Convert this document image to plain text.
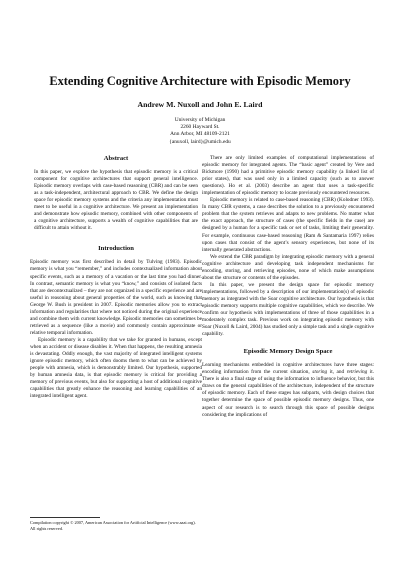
Extending Cognitive Architecture with Episodic Memory
Andrew M. Nuxoll and John E. Laird
University of Michigan
2260 Hayward St.
Ann Arbor, MI 48109-2121
{anuxoll, laird}@umich.edu

Abstract

In this paper, we explore the hypothesis that episodic memory is a critical component for cognitive architectures that support general intelligence. Episodic memory overlaps with case-based reasoning (CBR) and can be seen as a task-independent, architectural approach to CBR. We define the design space for episodic memory systems and the criteria any implementation must meet to be useful in a cognitive architecture. We present an implementation and demonstrate how episodic memory, combined with other components of a cognitive architecture, supports a wealth of cognitive capabilities that are difficult to attain without it.

Introduction

Episodic memory was first described in detail by Tulving (1983). Episodic memory is what you “remember,” and includes contextualized information about specific events, such as a memory of a vacation or the last time you had dinner. In contrast, semantic memory is what you “know,” and consists of isolated facts that are decontextualized – they are not organized in a specific experience and are useful in reasoning about general properties of the world, such as knowing that George W. Bush is president in 2007. Episodic memories allow you to extract information and regularities that where not noticed during the original experience and combine them with current knowledge. Episodic memories can sometimes be retrieved as a sequence (like a movie) and commonly contain approximate or relative temporal information.

Episodic memory is a capability that we take for granted in humans, except when an accident or disease disables it. When that happens, the resulting amnesia is devastating. Oddly enough, the vast majority of integrated intelligent systems ignore episodic memory, which often dooms them to what can be achieved by people with amnesia, which is demonstrably limited. Our hypothesis, supported by human amnesia data, is that episodic memory is critical for providing a memory of previous events, but also for supporting a host of additional cognitive capabilities that greatly enhance the reasoning and learning capabilities of an integrated intelligent agent.

There are only limited examples of computational implementations of episodic memory for integrated agents. The “basic agent” created by Vere and Bickmore (1990) had a primitive episodic memory capability (a linked list of prior states), that was used only in a limited capacity (such as to answer questions). Ho et al. (2003) describe an agent that uses a task-specific implementation of episodic memory to locate previously encountered resources.

Episodic memory is related to case-based reasoning (CBR) (Kolodner 1993). In many CBR systems, a case describes the solution to a previously encountered problem that the system retrieves and adapts to new problems. No matter what the exact approach, the structure of cases (the specific fields in the case) are designed by a human for a specific task or set of tasks, limiting their generality. For example, continuous case-based reasoning (Ram & Santamaria 1997) relies upon cases that consist of the agent’s sensory experiences, but none of its internally generated abstractions.

We extend the CBR paradigm by integrating episodic memory with a general cognitive architecture and developing task independent mechanisms for encoding, storing, and retrieving episodes, none of which make assumptions about the structure or contents of the episodes.

In this paper, we present the design space for episodic memory implementations, followed by a description of our implementation(s) of episodic memory as integrated with the Soar cognitive architecture. Our hypothesis is that episodic memory supports multiple cognitive capabilities, which we describe. We confirm our hypothesis with implementations of three of those capabilities in a moderately complex task. Previous work on integrating episodic memory with Soar (Nuxoll & Laird, 2004) has studied only a simple task and a single cognitive capability.

Episodic Memory Design Space

Learning mechanisms embedded in cognitive architectures have three stages: encoding information from the current situation, storing it, and retrieving it. There is also a final stage of using the information to influence behavior, but this draws on the general capabilities of the architecture, independent of the structure of episodic memory. Each of these stages has subparts, with design choices that together determine the space of possible episodic memory designs. Thus, one aspect of our research is to search through this space of possible designs considering the implications of

Compilation copyright © 2007, American Association for Artificial Intelligence (www.aaai.org). All rights reserved.
